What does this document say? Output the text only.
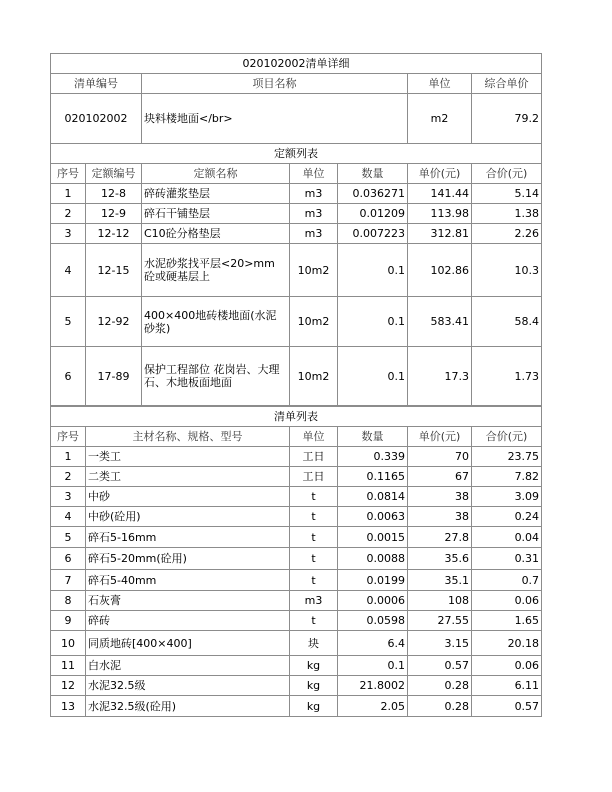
020102002清单详细			
清单编号	项目名称	单位	综合单价
020102002	块料楼地面</br>	m2	79.2
定额列表						
序号	定额编号	定额名称	单位	数量	单价(元)	合价(元)
1	12-8	碎砖灌浆垫层	m3	0.036271	141.44	5.14
2	12-9	碎石干铺垫层	m3	0.01209	113.98	1.38
3	12-12	C10砼分格垫层	m3	0.007223	312.81	2.26
4	12-15	水泥砂浆找平层<20>mm 砼或硬基层上	10m2	0.1	102.86	10.3
5	12-92	400×400地砖楼地面(水泥砂浆)	10m2	0.1	583.41	58.4
6	17-89	保护工程部位 花岗岩、大理石、木地板面地面	10m2	0.1	17.3	1.73
清单列表					
序号	主材名称、规格、型号	单位	数量	单价(元)	合价(元)
1	一类工	工日	0.339	70	23.75
2	二类工	工日	0.1165	67	7.82
3	中砂	t	0.0814	38	3.09
4	中砂(砼用)	t	0.0063	38	0.24
5	碎石5-16mm	t	0.0015	27.8	0.04
6	碎石5-20mm(砼用)	t	0.0088	35.6	0.31
7	碎石5-40mm	t	0.0199	35.1	0.7
8	石灰膏	m3	0.0006	108	0.06
9	碎砖	t	0.0598	27.55	1.65
10	同质地砖[400×400]	块	6.4	3.15	20.18
11	白水泥	kg	0.1	0.57	0.06
12	水泥32.5级	kg	21.8002	0.28	6.11
13	水泥32.5级(砼用)	kg	2.05	0.28	0.57
